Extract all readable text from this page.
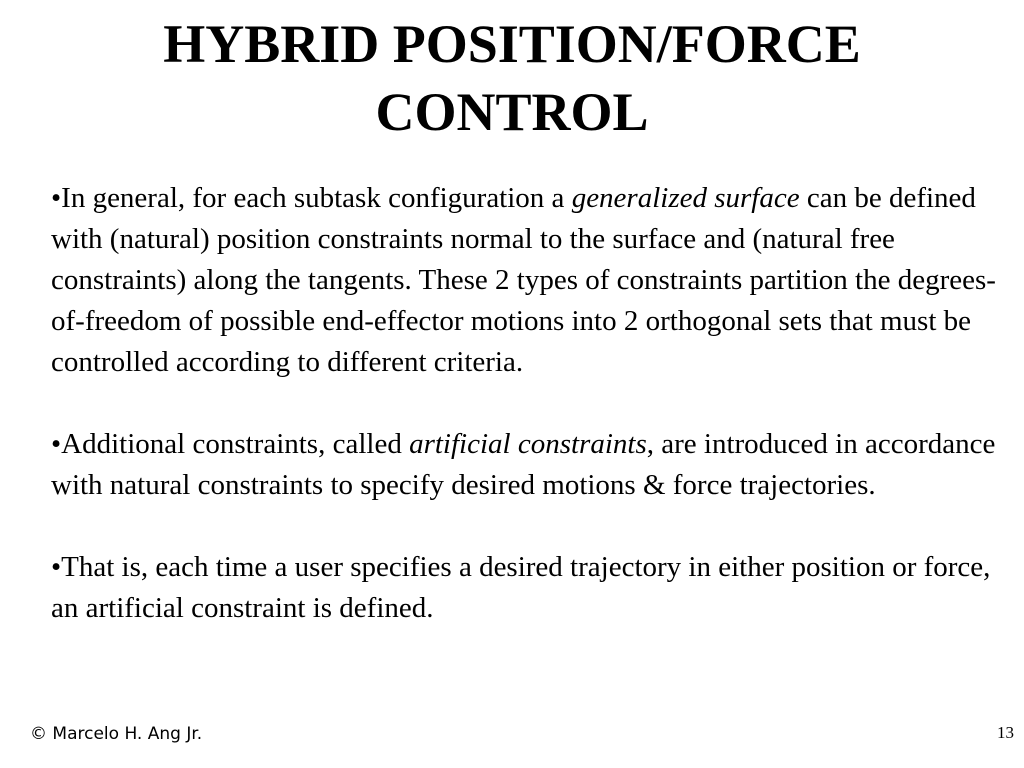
HYBRID POSITION/FORCE
CONTROL

•In general, for each subtask configuration a generalized surface can be defined with (natural) position constraints normal to the surface and (natural free constraints) along the tangents. These 2 types of constraints partition the degrees-of-freedom of possible end-effector motions into 2 orthogonal sets that must be controlled according to different criteria.

•Additional constraints, called artificial constraints, are introduced in accordance with natural constraints to specify desired motions & force trajectories.

•That is, each time a user specifies a desired trajectory in either position or force, an artificial constraint is defined.

© Marcelo H. Ang Jr.	13
